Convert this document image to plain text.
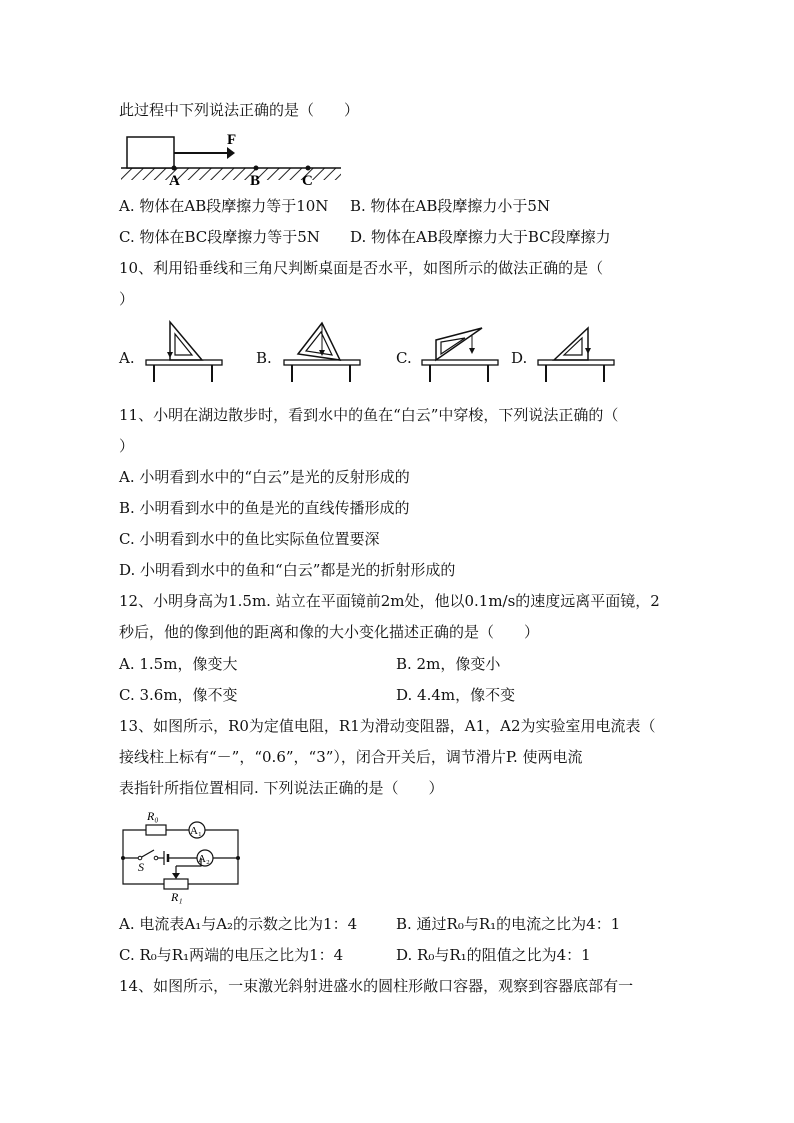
此过程中下列说法正确的是（　　）
F
A	B	C
A. 物体在AB段摩擦力等于10N B. 物体在AB段摩擦力小于5N
C. 物体在BC段摩擦力等于5N D. 物体在AB段摩擦力大于BC段摩擦力
10、利用铅垂线和三角尺判断桌面是否水平，如图所示的做法正确的是（
）
A.	B.	C.	D.
11、小明在湖边散步时，看到水中的鱼在“白云”中穿梭，下列说法正确的（
）
A. 小明看到水中的“白云”是光的反射形成的
B. 小明看到水中的鱼是光的直线传播形成的
C. 小明看到水中的鱼比实际鱼位置要深
D. 小明看到水中的鱼和“白云”都是光的折射形成的
12、小明身高为1.5m. 站立在平面镜前2m处，他以0.1m/s的速度远离平面镜，2
秒后，他的像到他的距离和像的大小变化描述正确的是（　　）
A. 1.5m，像变大	B. 2m，像变小
C. 3.6m，像不变	D. 4.4m，像不变
13、如图所示，R0为定值电阻，R1为滑动变阻器，A1，A2为实验室用电流表（
接线柱上标有“－”，“0.6”，“3”），闭合开关后，调节滑片P. 使两电流
表指针所指位置相同. 下列说法正确的是（　　）
R₀
A₁
A₂
S
R₁
A. 电流表A₁与A₂的示数之比为1：4	B. 通过R₀与R₁的电流之比为4：1
C. R₀与R₁两端的电压之比为1：4	D. R₀与R₁的阻值之比为4：1
14、如图所示，一束激光斜射进盛水的圆柱形敞口容器，观察到容器底部有一
